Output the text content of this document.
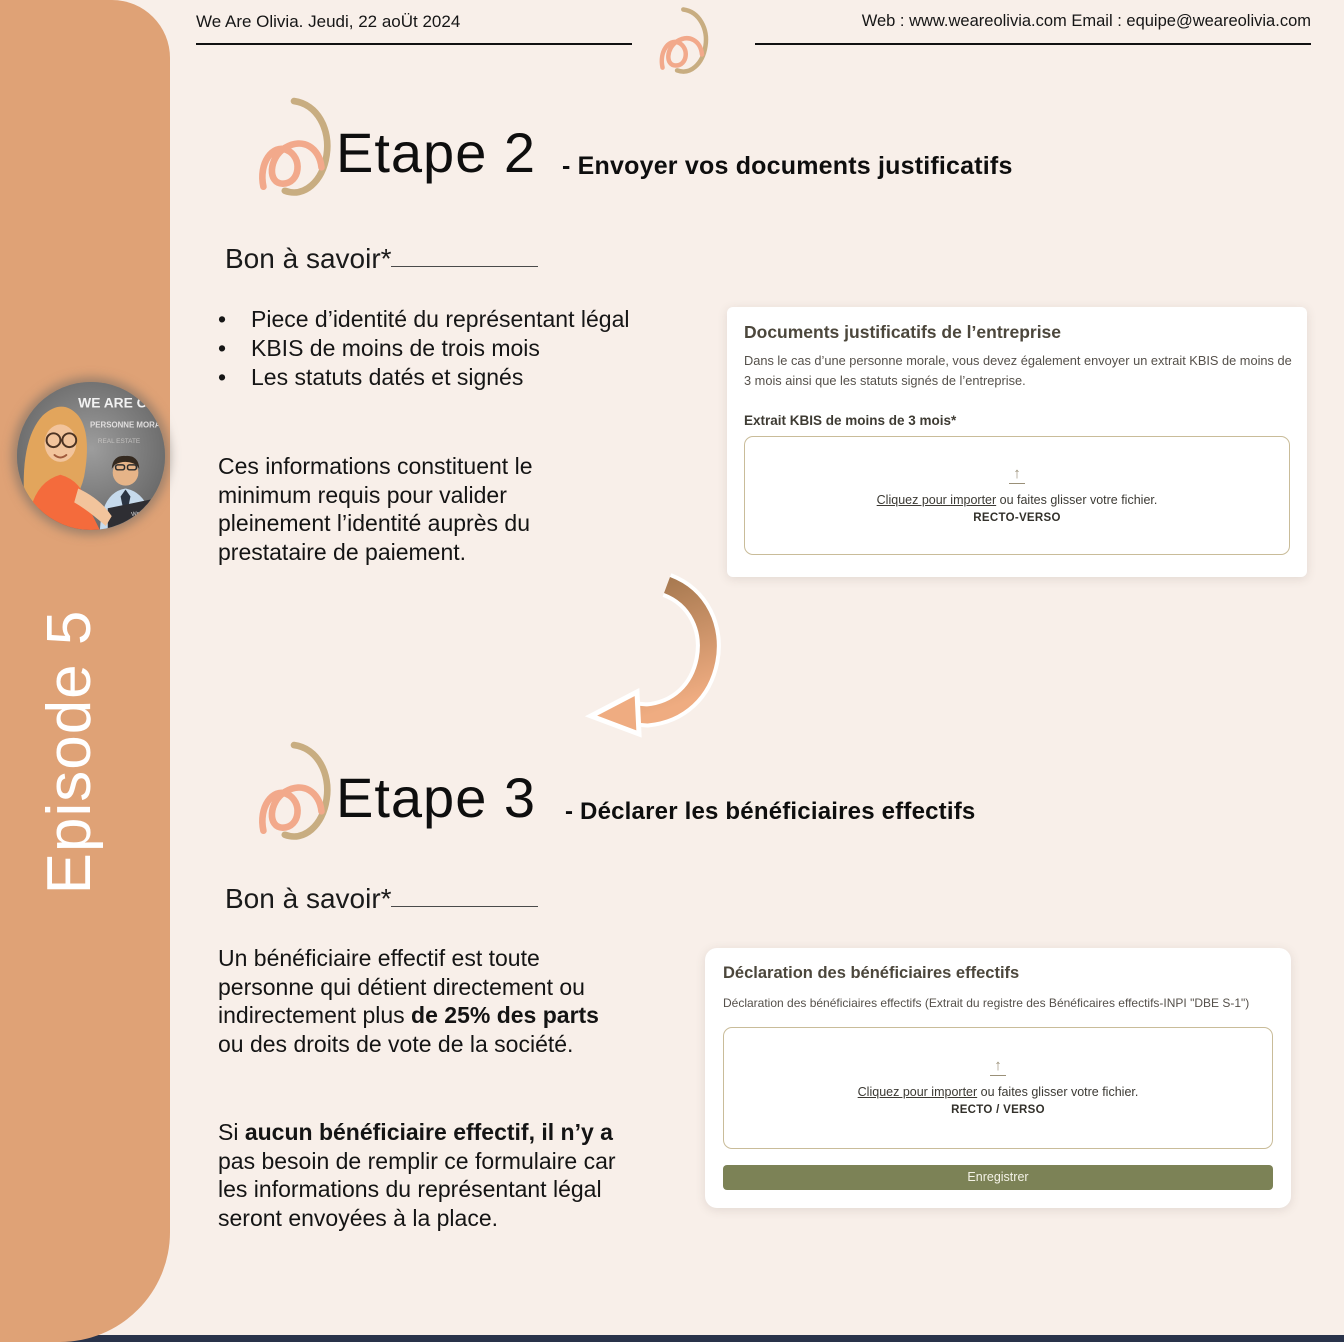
Episode 5
WE ARE O
PERSONNE MORAL
REAL ESTATE
We are
We Are Olivia. Jeudi, 22 aoÜt 2024	Web : www.weareolivia.com Email : equipe@weareolivia.com
Etape 2 - Envoyer vos documents justificatifs
Bon à savoir*
• Piece d’identité du représentant légal
• KBIS de moins de trois mois
• Les statuts datés et signés
Ces informations constituent le minimum requis pour valider pleinement l’identité auprès du prestataire de paiement.
Documents justificatifs de l’entreprise
Dans le cas d’une personne morale, vous devez également envoyer un extrait KBIS de moins de 3 mois ainsi que les statuts signés de l’entreprise.
Extrait KBIS de moins de 3 mois*
↑
Cliquez pour importer ou faites glisser votre fichier.
RECTO-VERSO
Etape 3 - Déclarer les bénéficiaires effectifs
Bon à savoir*
Un bénéficiaire effectif est toute personne qui détient directement ou indirectement plus de 25% des parts ou des droits de vote de la société.
Si aucun bénéficiaire effectif, il n’y a pas besoin de remplir ce formulaire car les informations du représentant légal seront envoyées à la place.
Déclaration des bénéficiaires effectifs
Déclaration des bénéficiaires effectifs (Extrait du registre des Bénéficaires effectifs-INPI "DBE S-1")
↑
Cliquez pour importer ou faites glisser votre fichier.
RECTO / VERSO
Enregistrer
